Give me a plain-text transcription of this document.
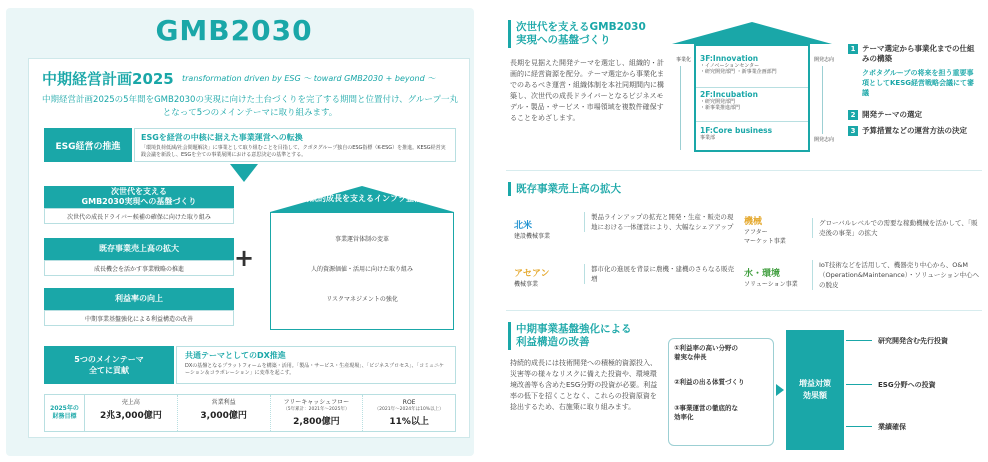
GMB2030
中期経営計画2025 transformation driven by ESG 〜 toward GMB2030 + beyond 〜
中期経営計画2025の5年間をGMB2030の実現に向けた土台づくりを完了する期間と位置付け、グループ一丸となって5つのメインテーマに取り組みます。
ESG経営の推進
ESGを経営の中核に据えた事業運営への転換
「環境負荷低減/社会問題解決」に事業として取り組むことを目指して、クボタグループ独自のESG指標（K-ESG）を推進。KESG経営実践会議を新設し、ESGを全ての事業展開における意思決定の基準とする。
次世代を支える
GMB2030実現への基盤づくり
次世代の成長ドライバー候補の確保に向けた取り組み
既存事業売上高の拡大
成長機会を活かす事業戦略の推進
利益率の向上
中期事業基盤強化による利益構造の改善
+
持続的成長を支えるインフラ整備
事業運営体制の変革
人的資源価値・活用に向けた取り組み
リスクマネジメントの強化
5つのメインテーマ
全てに貢献
共通テーマとしてのDX推進
DXの基盤となるプラットフォームを構築・活用。「製品・サービス・生産現場」、「ビジネスプロセス」、「コミュニケーション＆コラボレーション」に変革を起こす。
2025年の
財務目標
売上高
2兆3,000億円
営業利益
3,000億円
フリーキャッシュフロー
（5年累計：2021年〜2025年）
2,800億円
ROE
（2021年〜2024年は10%以上）
11%以上
次世代を支えるGMB2030
実現への基盤づくり
長期を見据えた開発テーマを選定し、組織的・計画的に経営資源を配分。テーマ選定から事業化までのあるべき運営・組織体制を本社同期間内に構築し、次世代の成長ドライバーとなるビジネスモデル・製品・サービス・市場領域を複数件確保することをめざします。
3F:Innovation
・イノベーションセンター
・研究開発部門 ・新事業企画部門
2F:Incubation
・研究開発部門
・新事業推進部門
1F:Core business
事業部
事業化	開発志向
開発志向
1 テーマ選定から事業化までの仕組みの構築
クボタグループの将来を担う重要事項としてKESG経営戦略会議にて審議
2 開発テーマの選定
3 予算措置などの運営方法の決定
既存事業売上高の拡大
北米
建設機械事業
製品ラインアップの拡充と開発・生産・販売の現地における一体運営により、大幅なシェアアップ 機械
アフター
マーケット事業
グローバルレベルでの需要な稼動機械を活かして、「販売後の事業」の拡大
アセアン
機械事業
都市化の進展を背景に農機・建機のさらなる販売増	水・環境
ソリューション事業
IoT技術などを活用して、機器売り中心から、O&M（Operation&Maintenance）・ソリューション中心への脱皮
中期事業基盤強化による
利益構造の改善
持続的成長には技術開発への積極的資源投入、災害等の様々なリスクに備えた投資や、環境環境改善等も含めたESG分野の投資が必要。利益率の低下を招くことなく、これらの投資原資を捻出するため、右施策に取り組みます。
①利益率の高い分野の
着実な伸長
②利益の出る体質づくり
③事業運営の徹底的な
効率化
増益対策
効果額
研究開発含む先行投資
ESG分野への投資
業績確保
